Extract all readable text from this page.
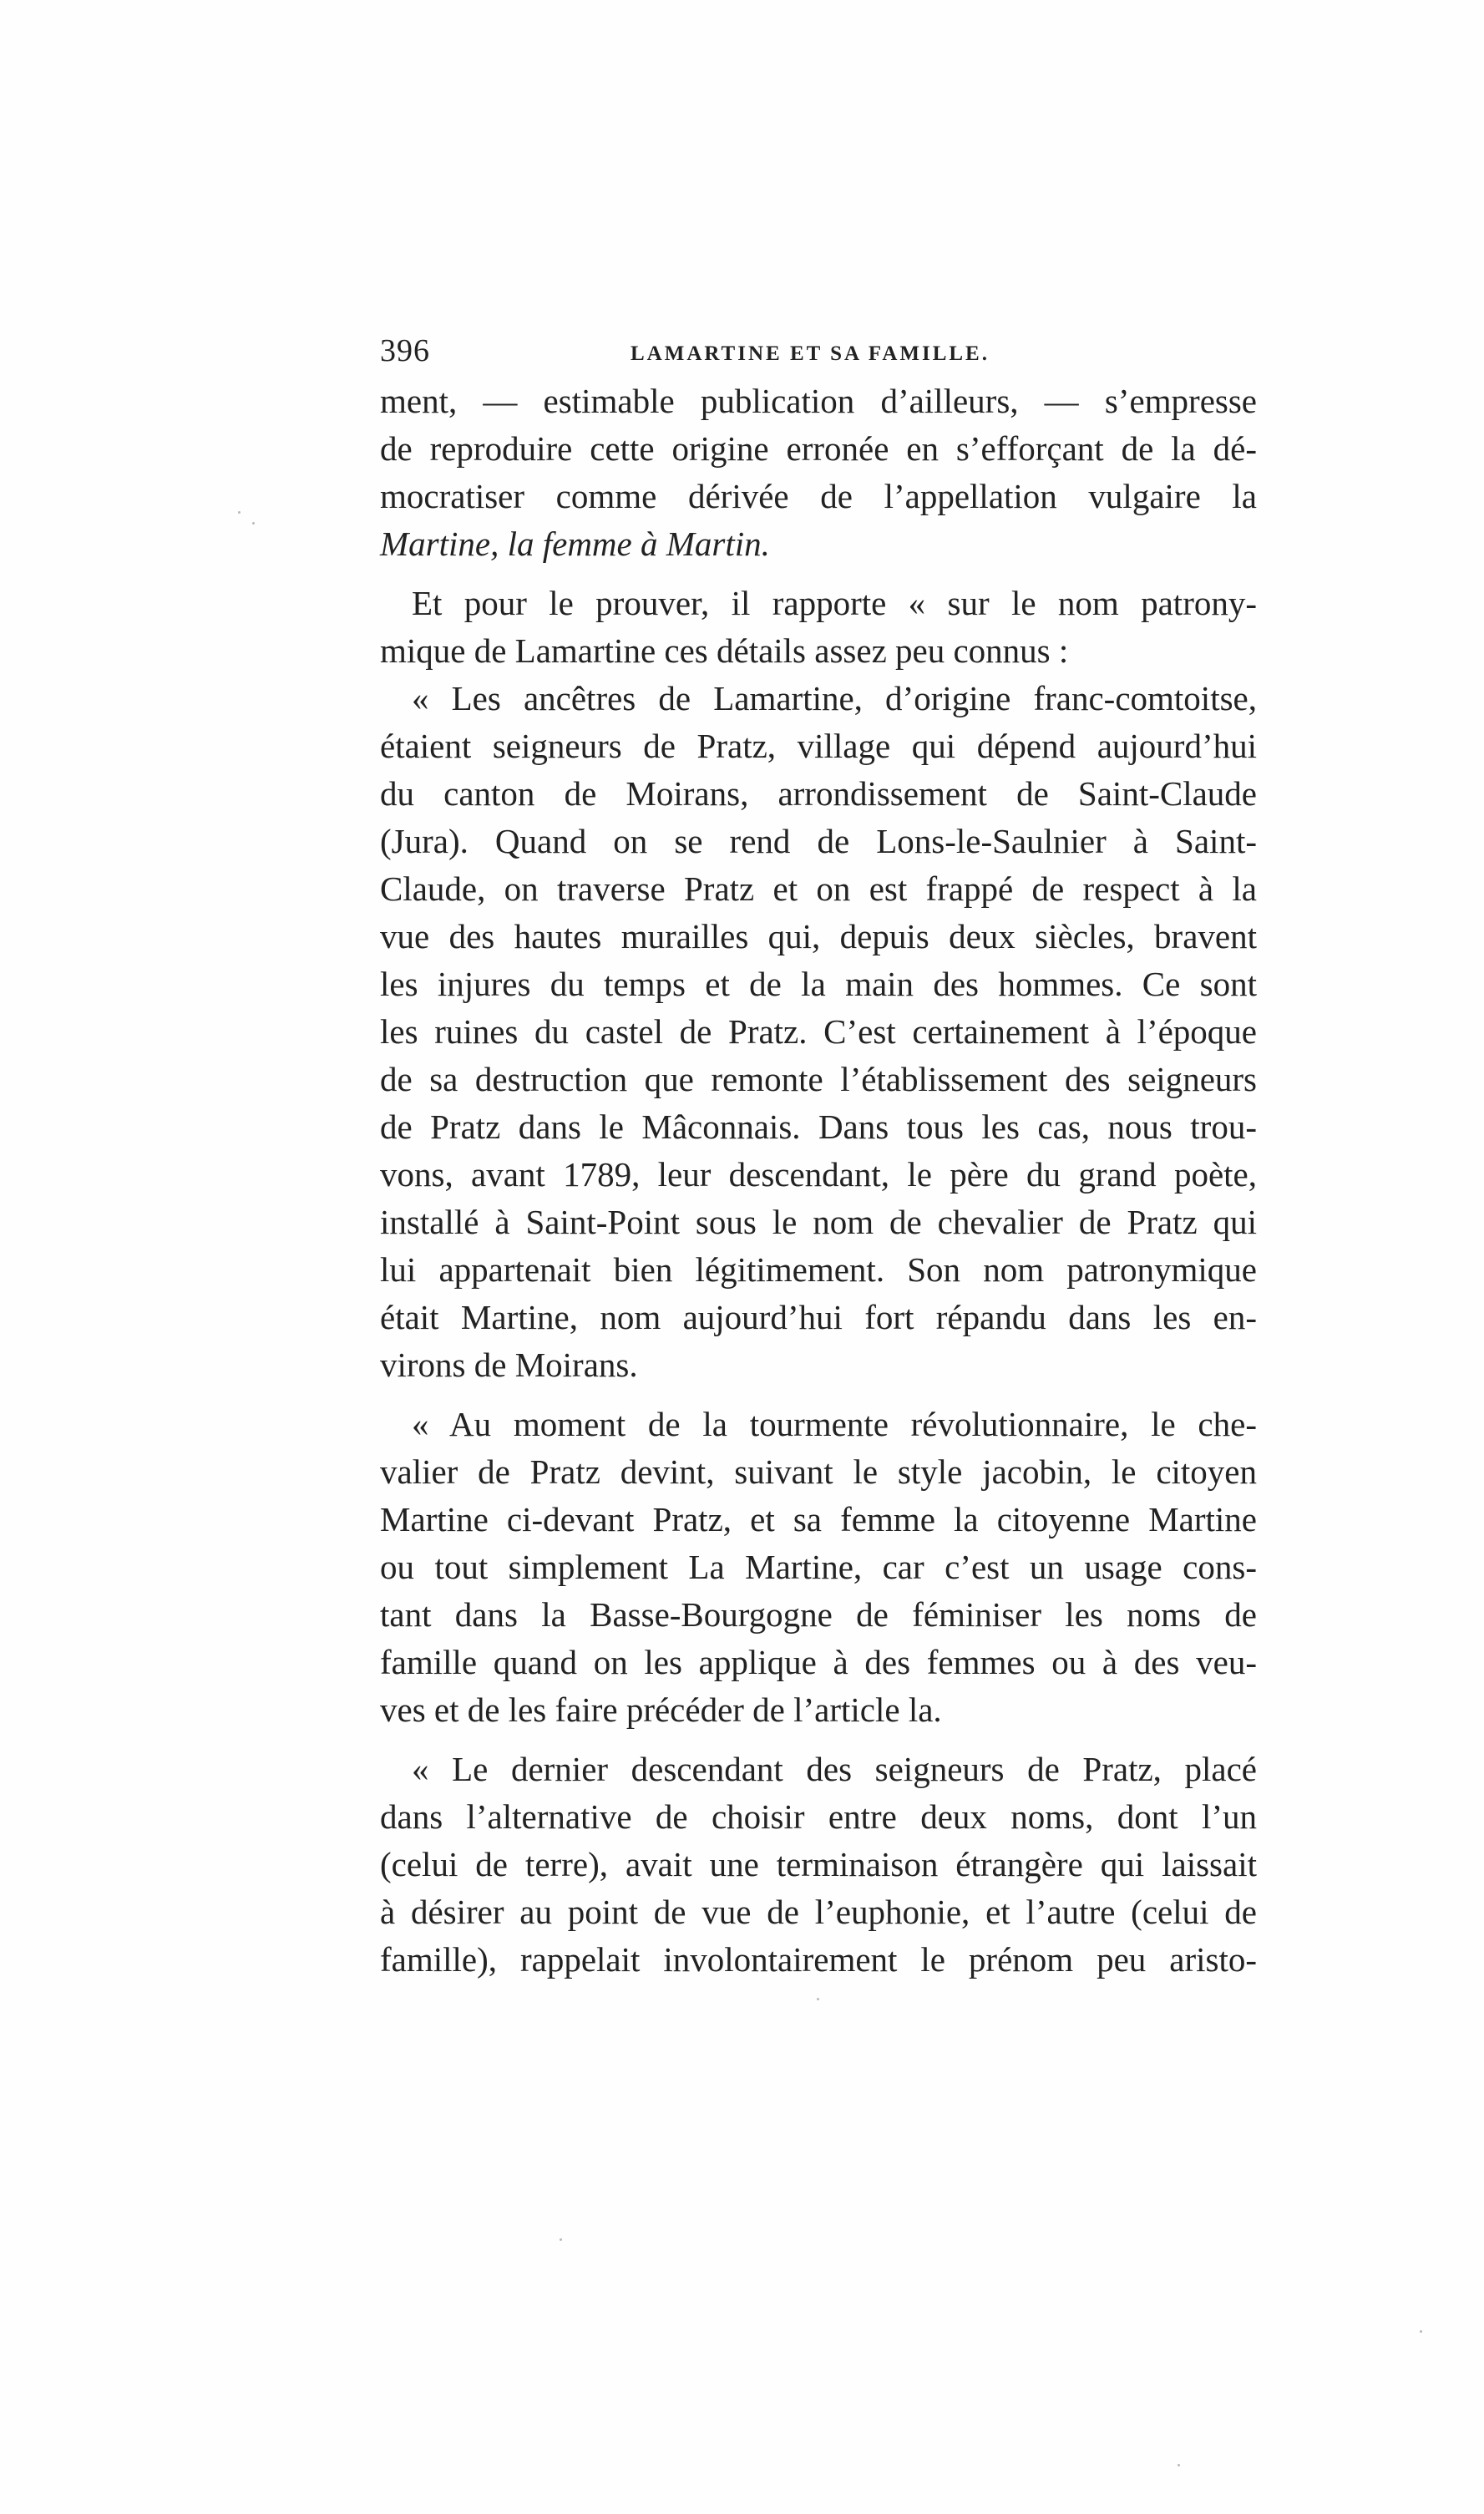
396	LAMARTINE ET SA FAMILLE.
ment, — estimable publication d’ailleurs, — s’empresse
de reproduire cette origine erronée en s’efforçant de la dé-
mocratiser comme dérivée de l’appellation vulgaire la
Martine, la femme à Martin.
Et pour le prouver, il rapporte « sur le nom patrony-
mique de Lamartine ces détails assez peu connus :
« Les ancêtres de Lamartine, d’origine franc-comtoitse,
étaient seigneurs de Pratz, village qui dépend aujourd’hui
du canton de Moirans, arrondissement de Saint-Claude
(Jura). Quand on se rend de Lons-le-Saulnier à Saint-
Claude, on traverse Pratz et on est frappé de respect à la
vue des hautes murailles qui, depuis deux siècles, bravent
les injures du temps et de la main des hommes. Ce sont
les ruines du castel de Pratz. C’est certainement à l’époque
de sa destruction que remonte l’établissement des seigneurs
de Pratz dans le Mâconnais. Dans tous les cas, nous trou-
vons, avant 1789, leur descendant, le père du grand poète,
installé à Saint-Point sous le nom de chevalier de Pratz qui
lui appartenait bien légitimement. Son nom patronymique
était Martine, nom aujourd’hui fort répandu dans les en-
virons de Moirans.
« Au moment de la tourmente révolutionnaire, le che-
valier de Pratz devint, suivant le style jacobin, le citoyen
Martine ci-devant Pratz, et sa femme la citoyenne Martine
ou tout simplement La Martine, car c’est un usage cons-
tant dans la Basse-Bourgogne de féminiser les noms de
famille quand on les applique à des femmes ou à des veu-
ves et de les faire précéder de l’article la.
« Le dernier descendant des seigneurs de Pratz, placé
dans l’alternative de choisir entre deux noms, dont l’un
(celui de terre), avait une terminaison étrangère qui laissait
à désirer au point de vue de l’euphonie, et l’autre (celui de
famille), rappelait involontairement le prénom peu aristo-
